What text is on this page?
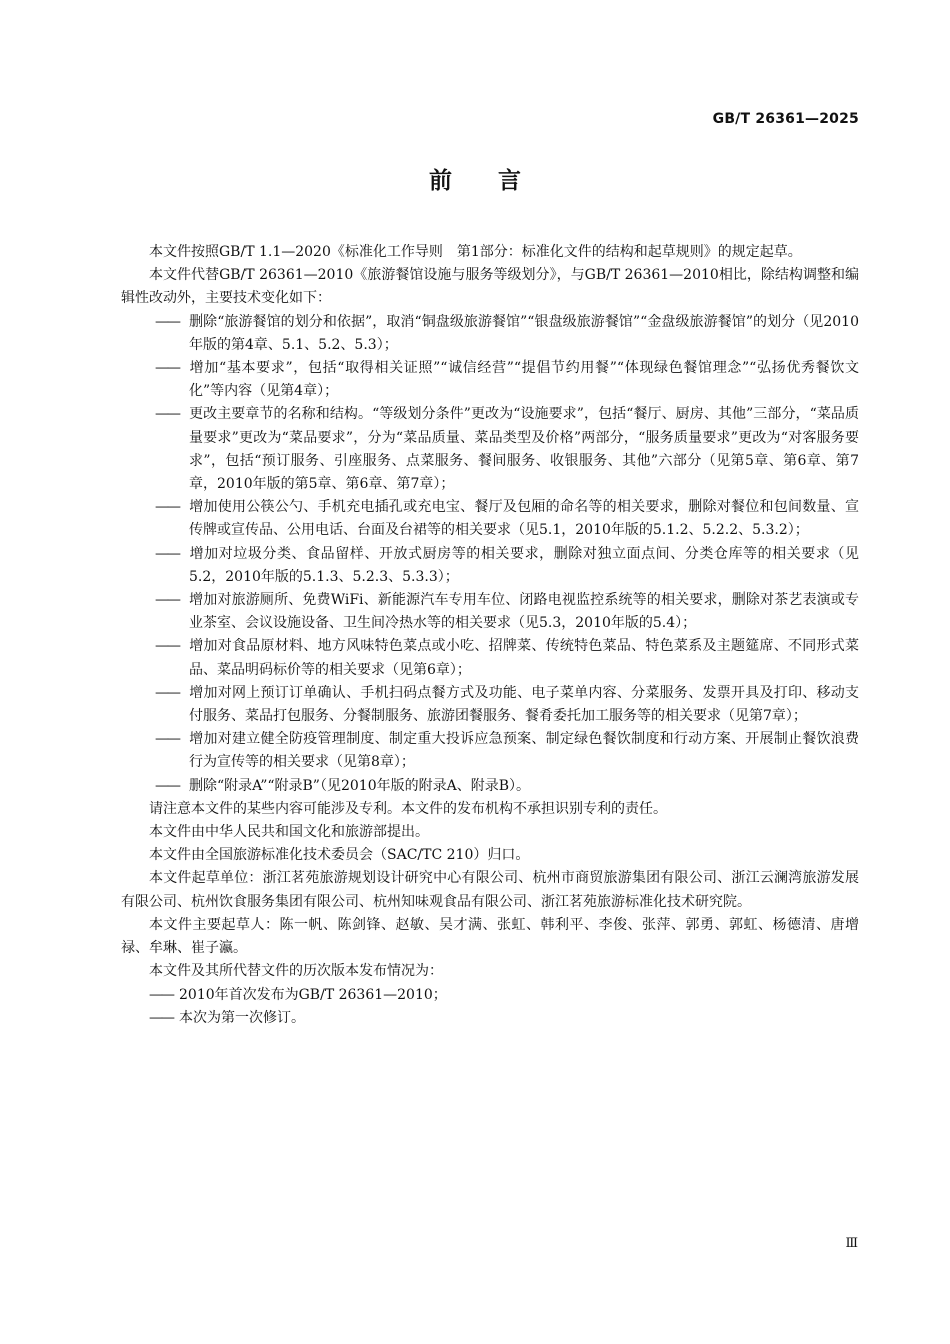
GB/T 26361—2025
前言

本文件按照GB/T 1.1—2020《标准化工作导则　第1部分：标准化文件的结构和起草规则》的规定起草。

本文件代替GB/T 26361—2010《旅游餐馆设施与服务等级划分》，与GB/T 26361—2010相比，除结构调整和编辑性改动外，主要技术变化如下：

—— 删除“旅游餐馆的划分和依据”，取消“铜盘级旅游餐馆”“银盘级旅游餐馆”“金盘级旅游餐馆”的划分（见2010年版的第4章、5.1、5.2、5.3）；

—— 增加“基本要求”，包括“取得相关证照”“诚信经营”“提倡节约用餐”“体现绿色餐馆理念”“弘扬优秀餐饮文化”等内容（见第4章）；

—— 更改主要章节的名称和结构。“等级划分条件”更改为“设施要求”，包括“餐厅、厨房、其他”三部分，“菜品质量要求”更改为“菜品要求”，分为“菜品质量、菜品类型及价格”两部分，“服务质量要求”更改为“对客服务要求”，包括“预订服务、引座服务、点菜服务、餐间服务、收银服务、其他”六部分（见第5章、第6章、第7章，2010年版的第5章、第6章、第7章）；

—— 增加使用公筷公勺、手机充电插孔或充电宝、餐厅及包厢的命名等的相关要求，删除对餐位和包间数量、宣传牌或宣传品、公用电话、台面及台裙等的相关要求（见5.1，2010年版的5.1.2、5.2.2、5.3.2）；

—— 增加对垃圾分类、食品留样、开放式厨房等的相关要求，删除对独立面点间、分类仓库等的相关要求（见5.2，2010年版的5.1.3、5.2.3、5.3.3）；

—— 增加对旅游厕所、免费WiFi、新能源汽车专用车位、闭路电视监控系统等的相关要求，删除对茶艺表演或专业茶室、会议设施设备、卫生间冷热水等的相关要求（见5.3，2010年版的5.4）；

—— 增加对食品原材料、地方风味特色菜点或小吃、招牌菜、传统特色菜品、特色菜系及主题筵席、不同形式菜品、菜品明码标价等的相关要求（见第6章）；

—— 增加对网上预订订单确认、手机扫码点餐方式及功能、电子菜单内容、分菜服务、发票开具及打印、移动支付服务、菜品打包服务、分餐制服务、旅游团餐服务、餐肴委托加工服务等的相关要求（见第7章）；

—— 增加对建立健全防疫管理制度、制定重大投诉应急预案、制定绿色餐饮制度和行动方案、开展制止餐饮浪费行为宣传等的相关要求（见第8章）；

—— 删除“附录A”“附录B”（见2010年版的附录A、附录B）。

请注意本文件的某些内容可能涉及专利。本文件的发布机构不承担识别专利的责任。

本文件由中华人民共和国文化和旅游部提出。

本文件由全国旅游标准化技术委员会（SAC/TC 210）归口。

本文件起草单位：浙江茗苑旅游规划设计研究中心有限公司、杭州市商贸旅游集团有限公司、浙江云澜湾旅游发展有限公司、杭州饮食服务集团有限公司、杭州知味观食品有限公司、浙江茗苑旅游标准化技术研究院。

本文件主要起草人：陈一帆、陈剑锋、赵敏、吴才满、张虹、韩利平、李俊、张萍、郭勇、郭虹、杨德清、唐增禄、牟琳、崔子瀛。

本文件及其所代替文件的历次版本发布情况为：

—— 2010年首次发布为GB/T 26361—2010；

—— 本次为第一次修订。

Ⅲ
